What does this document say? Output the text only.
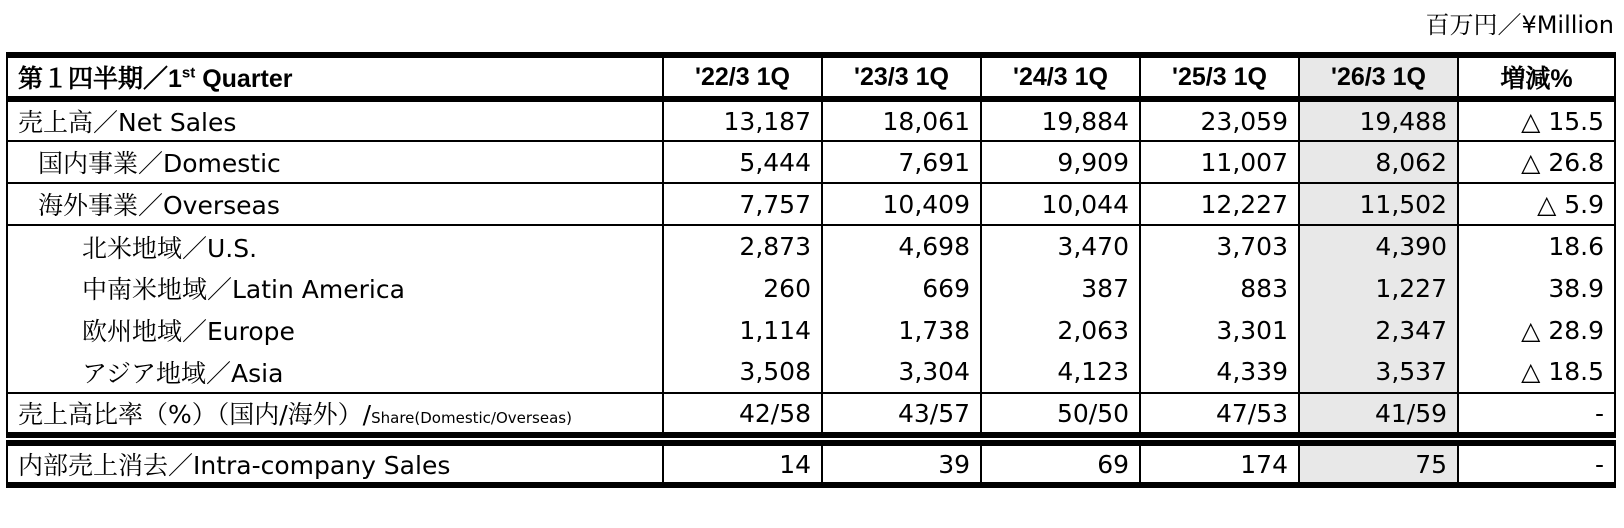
百万円／¥Million
第１四半期／1st Quarter	'22/3 1Q	'23/3 1Q	'24/3 1Q	'25/3 1Q	'26/3 1Q	増減%
売上高／Net Sales	13,187	18,061	19,884	23,059	19,488	△ 15.5
国内事業／Domestic	5,444	7,691	9,909	11,007	8,062	△ 26.8
海外事業／Overseas	7,757	10,409	10,044	12,227	11,502	△ 5.9
北米地域／U.S.	2,873	4,698	3,470	3,703	4,390	18.6
中南米地域／Latin America	260	669	387	883	1,227	38.9
欧州地域／Europe	1,114	1,738	2,063	3,301	2,347	△ 28.9
アジア地域／Asia	3,508	3,304	4,123	4,339	3,537	△ 18.5
売上高比率（%）（国内/海外）/Share(Domestic/Overseas)	42/58	43/57	50/50	47/53	41/59	-

内部売上消去／Intra-company Sales	14	39	69	174	75	-
